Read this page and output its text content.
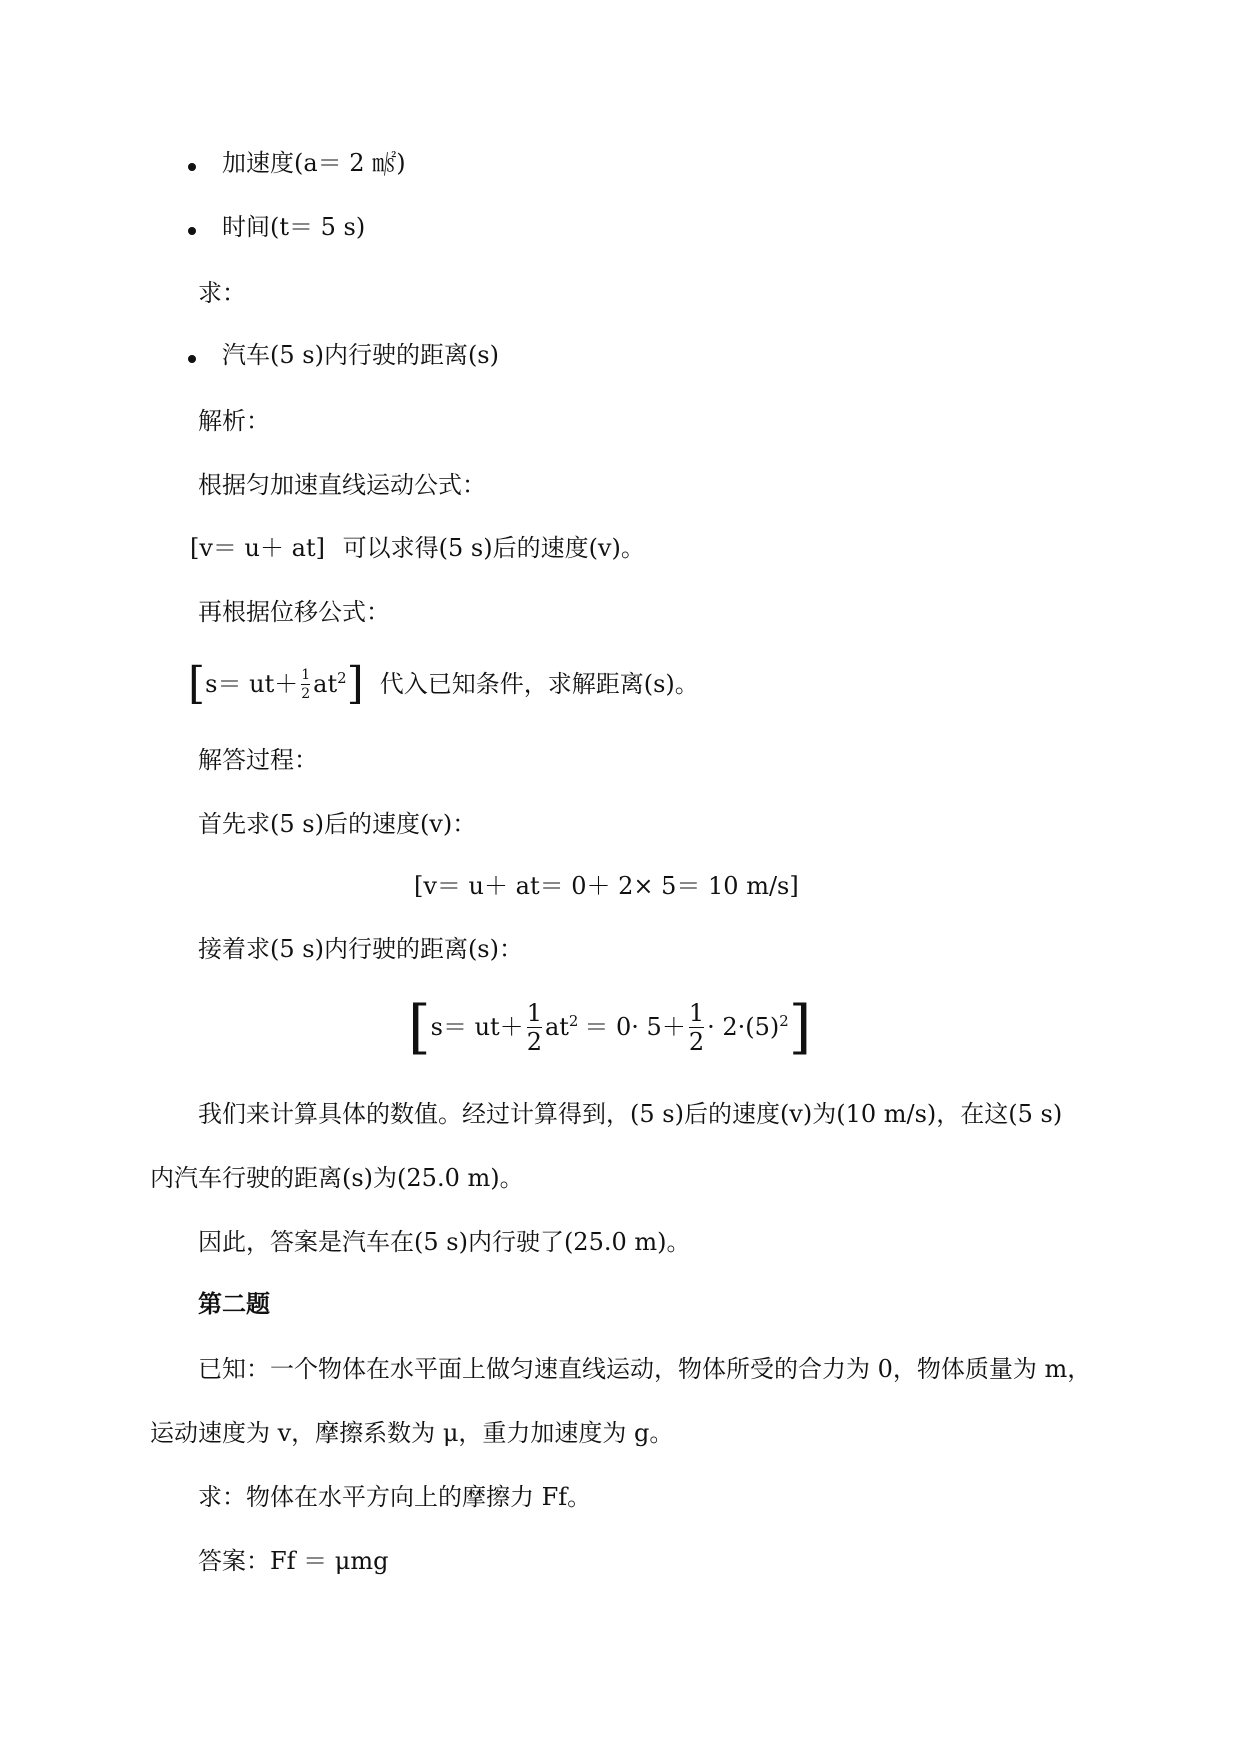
加速度(a＝ 2 ㎨)
时间(t＝ 5 s)
求：
汽车(5 s)内行驶的距离(s)
解析：
根据匀加速直线运动公式：
[v＝ u＋ at] 可以求得(5 s)后的速度(v)。
再根据位移公式：
[ $s= ut+ \frac{1}{2} at^2$ ] 代入已知条件，求解距离(s)。
解答过程：
首先求(5 s)后的速度(v)：
[v＝ u＋ at＝ 0＋ 2× 5＝ 10 m/s]
接着求(5 s)内行驶的距离(s)：
[ $s= ut+ \frac{1}{2} at^2 = 0\cdot 5+ \frac{1}{2} \cdot 2\cdot(5)^2$ ]
我们来计算具体的数值。经过计算得到，(5 s)后的速度(v)为(10 m/s)，在这(5 s)
内汽车行驶的距离(s)为(25.0 m)。
因此，答案是汽车在(5 s)内行驶了(25.0 m)。
第二题
已知：一个物体在水平面上做匀速直线运动，物体所受的合力为 0，物体质量为 m，
运动速度为 v，摩擦系数为 μ，重力加速度为 g。
求：物体在水平方向上的摩擦力 Ff。
答案：Ff ＝ μmg
